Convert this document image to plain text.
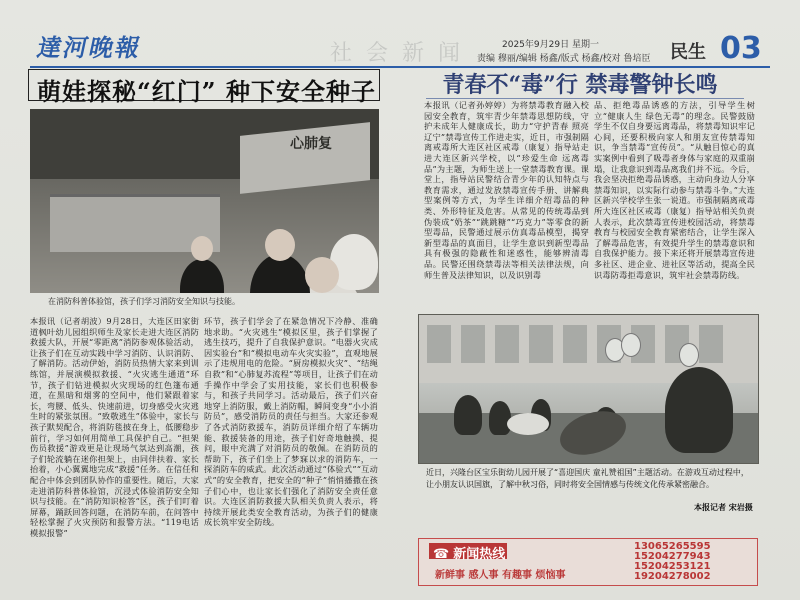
達河晚報	社会新闻	2025年9月29日 星期一
责编 穆丽/编辑 杨鑫/版式 杨鑫/校对 鲁培臣 民生 03
萌娃探秘“红门” 种下安全种子
心肺复
在消防科普体验馆，孩子们学习消防安全知识与技能。
青春不“毒”行 禁毒警钟长鸣
本报讯（记者胡波）9月28日，大连区田家街道枫叶幼儿园组织师生及家长走进大连区消防救援大队，开展“零距离”消防参观体验活动，让孩子们在互动实践中学习消防、认识消防、了解消防。活动伊始，消防员热情大家来到训练馆，并展演模拟救援、“火灾逃生通道”环节，孩子们钻进模拟火灾现场的红色篷布通道，在黑暗和烟雾的空间中，他们紧跟着家长，弯腰、低头、快速前进，切身感受火灾逃生时的紧张氛围。“致敬逃生”体验中，家长与孩子默契配合，将消防毯披在身上，低腰稳步前行，学习如何用简单工具保护自己。“担架伤员救援”游戏更是让现场气氛达到高潮，孩子们轮流躺在迷你担架上，由同伴扶着、家长抬着，小心翼翼地完成“救援”任务。在信任和配合中体会到团队协作的重要性。随后，大家走进消防科普体验馆，沉浸式体验消防安全知识与技能。在“消防知识检答”区，孩子们叮着屏幕，踊跃回答问题，在消防车前，在问答中轻松掌握了火灾预防和报警方法。“119电话模拟报警”
环节，孩子们学会了在紧急情况下冷静、准确地求助。“火灾逃生”模拟区里，孩子们掌握了逃生技巧，提升了自我保护意识。“电器火灾成因实验台”和“模拟电动车火灾实验”，直观地展示了违规用电的危险。“厨房模拟火灾”、“结绳自救”和“心肺复苏流程”等项目，让孩子们在动手操作中学会了实用技能，家长们也积极参与，和孩子共同学习。活动最后，孩子们兴奋地穿上消防服，戴上消防帽，瞬间变身“小小消防员”，感受消防员的责任与担当。大家还参观了各式消防救援车，消防员详细介绍了车辆功能、救援装备的用途，孩子们好奇地触摸、提问，眼中充满了对消防员的敬佩。在消防员的帮助下，孩子们坐上了梦寐以求的消防车，一探消防车的威武。此次活动通过“体验式”“互动式”的安全教育，把安全的“种子”悄悄播撒在孩子们心中，也让家长们强化了消防安全责任意识。大连区消防救援大队相关负责人表示，将持续开展此类安全教育活动，为孩子们的健康成长筑牢安全防线。
本报讯（记者孙婷婷）为将禁毒教育融入校园安全教育，筑牢青少年禁毒思想防线，守护未成年人健康成长，助力“守护青春 照亮辽宁”禁毒宣传工作进走实，近日，市强制隔离戒毒所大连区社区戒毒（康复）指导站走进大连区新兴学校，以“珍爱生命 远离毒品”为主题，为师生送上一堂禁毒教育课。课堂上，指导站民警结合青少年的认知特点与教育需求，通过发放禁毒宣传手册、讲解典型案例等方式，为学生详细介绍毒品的种类、外形特征及危害。从常见的传统毒品到伪装成“奶茶”“跳跳糖”“巧克力”等零食的新型毒品，民警通过展示仿真毒品模型，揭穿新型毒品的真面目，让学生意识到新型毒品具有极强的隐蔽性和迷惑性，能够辨清毒品。民警还围绕禁毒法等相关法律法规，向师生普及法律知识，以及识别毒
品、拒绝毒品诱惑的方法，引导学生树立“健康人生 绿色无毒”的理念。民警鼓励学生不仅自身要远离毒品，将禁毒知识牢记心间，还要积极向家人和朋友宣传禁毒知识，争当禁毒“宣传员”。“从触目惊心的真实案例中看到了吸毒者身体与家庭的双重崩塌，让我意识到毒品离我们并不远。今后，我会坚决拒绝毒品诱惑，主动向身边人分享禁毒知识，以实际行动参与禁毒斗争。”大连区新兴学校学生张一说道。市强制隔离戒毒所大连区社区戒毒（康复）指导站相关负责人表示，此次禁毒宣传进校园活动，将禁毒教育与校园安全教育紧密结合，让学生深入了解毒品危害，有效提升学生的禁毒意识和自我保护能力。接下来还将开展禁毒宣传进多社区、进企业、进社区等活动，提高全民识毒防毒拒毒意识，筑牢社会禁毒防线。
近日，兴隆台区宝乐街幼儿园开展了“喜迎国庆 童礼赞祖国”主题活动。在游戏互动过程中，让小朋友认识国旗，了解中秋习俗，同时将安全国情感与传统文化传承紧密融合。
本报记者 宋岩摄
☎ 新闻热线
新鲜事 感人事 有趣事 烦恼事
13065265595
15204277943
15204253121
19204278002
